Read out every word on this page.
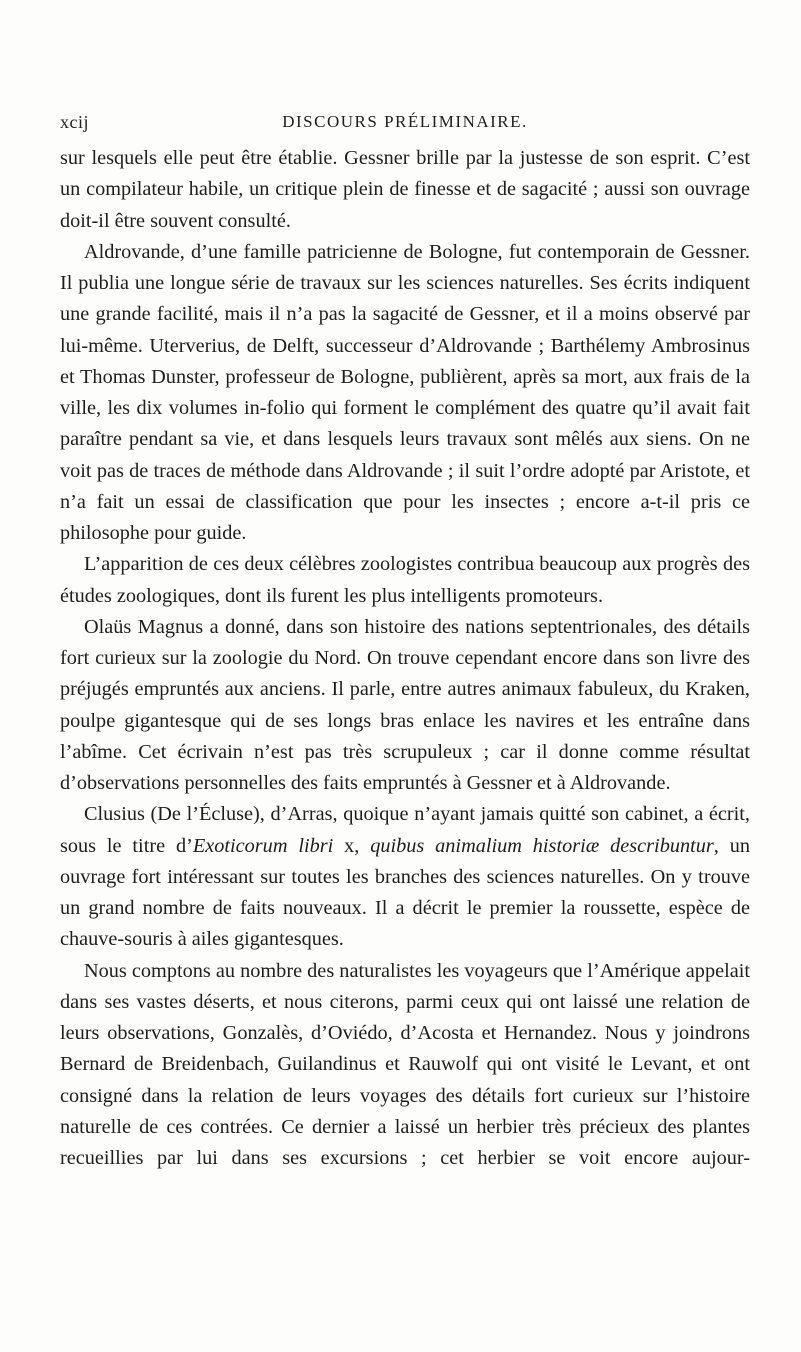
xcij	DISCOURS PRÉLIMINAIRE.

sur lesquels elle peut être établie. Gessner brille par la justesse de son esprit. C’est un compilateur habile, un critique plein de finesse et de sagacité ; aussi son ouvrage doit-il être souvent consulté.

Aldrovande, d’une famille patricienne de Bologne, fut contemporain de Gessner. Il publia une longue série de travaux sur les sciences naturelles. Ses écrits indiquent une grande facilité, mais il n’a pas la sagacité de Gessner, et il a moins observé par lui-même. Uterverius, de Delft, successeur d’Aldrovande ; Barthélemy Ambrosinus et Thomas Dunster, professeur de Bologne, publièrent, après sa mort, aux frais de la ville, les dix volumes in-folio qui forment le complément des quatre qu’il avait fait paraître pendant sa vie, et dans lesquels leurs travaux sont mêlés aux siens. On ne voit pas de traces de méthode dans Aldrovande ; il suit l’ordre adopté par Aristote, et n’a fait un essai de classification que pour les insectes ; encore a-t-il pris ce philosophe pour guide.

L’apparition de ces deux célèbres zoologistes contribua beaucoup aux progrès des études zoologiques, dont ils furent les plus intelligents promoteurs.

Olaüs Magnus a donné, dans son histoire des nations septentrionales, des détails fort curieux sur la zoologie du Nord. On trouve cependant encore dans son livre des préjugés empruntés aux anciens. Il parle, entre autres animaux fabuleux, du Kraken, poulpe gigantesque qui de ses longs bras enlace les navires et les entraîne dans l’abîme. Cet écrivain n’est pas très scrupuleux ; car il donne comme résultat d’observations personnelles des faits empruntés à Gessner et à Aldrovande.

Clusius (De l’Écluse), d’Arras, quoique n’ayant jamais quitté son cabinet, a écrit, sous le titre d’Exoticorum libri x, quibus animalium historiæ describuntur, un ouvrage fort intéressant sur toutes les branches des sciences naturelles. On y trouve un grand nombre de faits nouveaux. Il a décrit le premier la roussette, espèce de chauve-souris à ailes gigantesques.

Nous comptons au nombre des naturalistes les voyageurs que l’Amérique appelait dans ses vastes déserts, et nous citerons, parmi ceux qui ont laissé une relation de leurs observations, Gonzalès, d’Oviédo, d’Acosta et Hernandez. Nous y joindrons Bernard de Breidenbach, Guilandinus et Rauwolf qui ont visité le Levant, et ont consigné dans la relation de leurs voyages des détails fort curieux sur l’histoire naturelle de ces contrées. Ce dernier a laissé un herbier très précieux des plantes recueillies par lui dans ses excursions ; cet herbier se voit encore aujour-
